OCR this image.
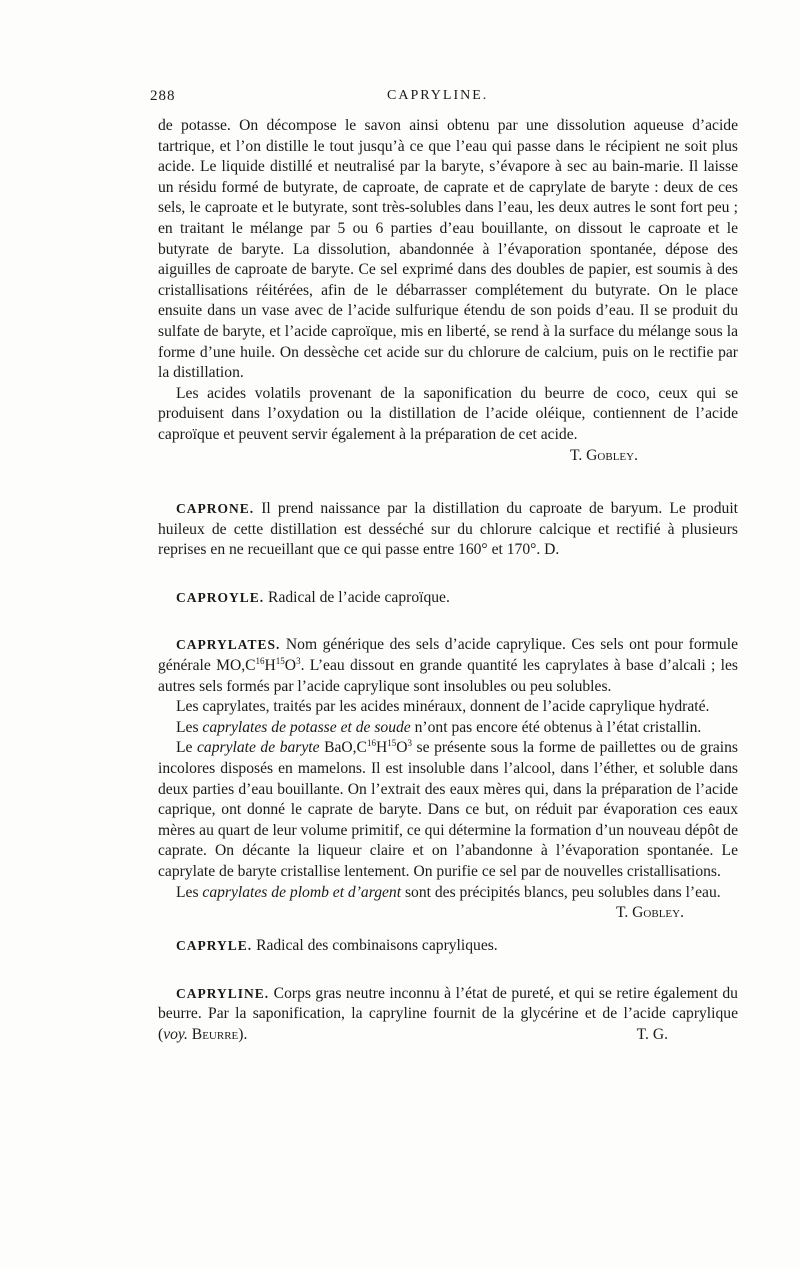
288	CAPRYLINE.

de potasse. On décompose le savon ainsi obtenu par une dissolution aqueuse d’acide tartrique, et l’on distille le tout jusqu’à ce que l’eau qui passe dans le récipient ne soit plus acide. Le liquide distillé et neutralisé par la baryte, s’évapore à sec au bain-marie. Il laisse un résidu formé de butyrate, de caproate, de caprate et de caprylate de baryte : deux de ces sels, le caproate et le butyrate, sont très-solubles dans l’eau, les deux autres le sont fort peu ; en traitant le mélange par 5 ou 6 parties d’eau bouillante, on dissout le caproate et le butyrate de baryte. La dissolution, abandonnée à l’évaporation spontanée, dépose des aiguilles de caproate de baryte. Ce sel exprimé dans des doubles de papier, est soumis à des cristallisations réitérées, afin de le débarrasser complétement du butyrate. On le place ensuite dans un vase avec de l’acide sulfurique étendu de son poids d’eau. Il se produit du sulfate de baryte, et l’acide caproïque, mis en liberté, se rend à la surface du mélange sous la forme d’une huile. On dessèche cet acide sur du chlorure de calcium, puis on le rectifie par la distillation.

Les acides volatils provenant de la saponification du beurre de coco, ceux qui se produisent dans l’oxydation ou la distillation de l’acide oléique, contiennent de l’acide caproïque et peuvent servir également à la préparation de cet acide.

T. Gobley.

CAPRONE. Il prend naissance par la distillation du caproate de baryum. Le produit huileux de cette distillation est desséché sur du chlorure calcique et rectifié à plusieurs reprises en ne recueillant que ce qui passe entre 160° et 170°. D.

CAPROYLE. Radical de l’acide caproïque.

CAPRYLATES. Nom générique des sels d’acide caprylique. Ces sels ont pour formule générale $MO,C^{16}H^{15}O^3$. L’eau dissout en grande quantité les caprylates à base d’alcali ; les autres sels formés par l’acide caprylique sont insolubles ou peu solubles.

Les caprylates, traités par les acides minéraux, donnent de l’acide caprylique hydraté.

Les caprylates de potasse et de soude n’ont pas encore été obtenus à l’état cristallin.

Le caprylate de baryte $BaO,C^{16}H^{15}O^3$ se présente sous la forme de paillettes ou de grains incolores disposés en mamelons. Il est insoluble dans l’alcool, dans l’éther, et soluble dans deux parties d’eau bouillante. On l’extrait des eaux mères qui, dans la préparation de l’acide caprique, ont donné le caprate de baryte. Dans ce but, on réduit par évaporation ces eaux mères au quart de leur volume primitif, ce qui détermine la formation d’un nouveau dépôt de caprate. On décante la liqueur claire et on l’abandonne à l’évaporation spontanée. Le caprylate de baryte cristallise lentement. On purifie ce sel par de nouvelles cristallisations.

Les caprylates de plomb et d’argent sont des précipités blancs, peu solubles dans l’eau.
T. Gobley.

CAPRYLE. Radical des combinaisons capryliques.

CAPRYLINE. Corps gras neutre inconnu à l’état de pureté, et qui se retire également du beurre. Par la saponification, la capryline fournit de la glycérine et de l’acide caprylique (voy. Beurre).	T. G.
